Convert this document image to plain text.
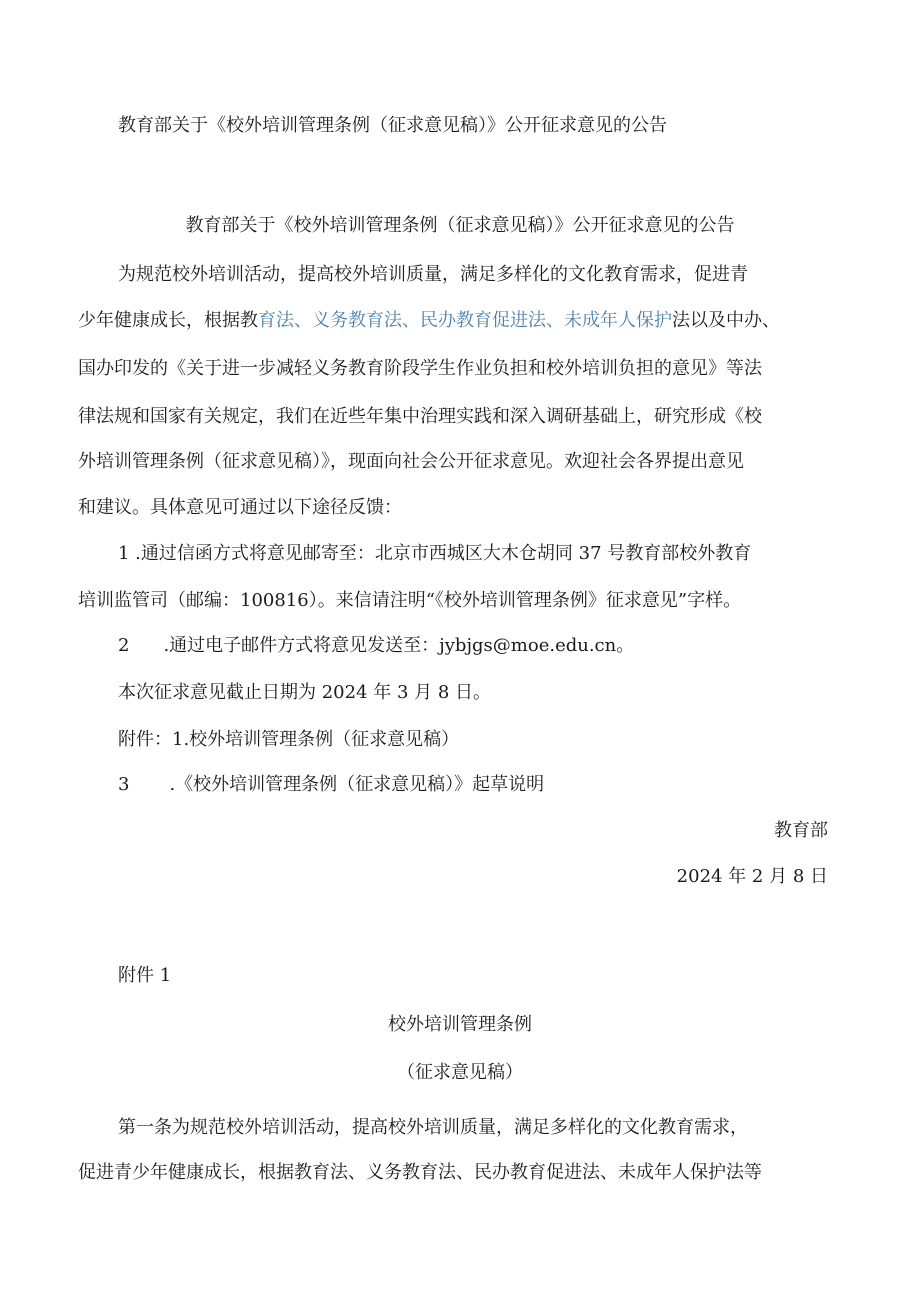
教育部关于《校外培训管理条例（征求意见稿）》公开征求意见的公告
教育部关于《校外培训管理条例（征求意见稿）》公开征求意见的公告
为规范校外培训活动，提高校外培训质量，满足多样化的文化教育需求，促进青
少年健康成长，根据教育法、义务教育法、民办教育促进法、未成年人保护法以及中办、
国办印发的《关于进一步减轻义务教育阶段学生作业负担和校外培训负担的意见》等法
律法规和国家有关规定，我们在近些年集中治理实践和深入调研基础上，研究形成《校
外培训管理条例（征求意见稿）》，现面向社会公开征求意见。欢迎社会各界提出意见
和建议。具体意见可通过以下途径反馈：
1 .通过信函方式将意见邮寄至：北京市西城区大木仓胡同 37 号教育部校外教育
培训监管司（邮编：100816）。来信请注明“《校外培训管理条例》征求意见”字样。
2 .通过电子邮件方式将意见发送至：jybjgs@moe.edu.cn。
本次征求意见截止日期为 2024 年 3 月 8 日。
附件：1.校外培训管理条例（征求意见稿）
3 .《校外培训管理条例（征求意见稿）》起草说明
教育部
2024 年 2 月 8 日
附件 1
校外培训管理条例
（征求意见稿）
第一条为规范校外培训活动，提高校外培训质量，满足多样化的文化教育需求，
促进青少年健康成长，根据教育法、义务教育法、民办教育促进法、未成年人保护法等
